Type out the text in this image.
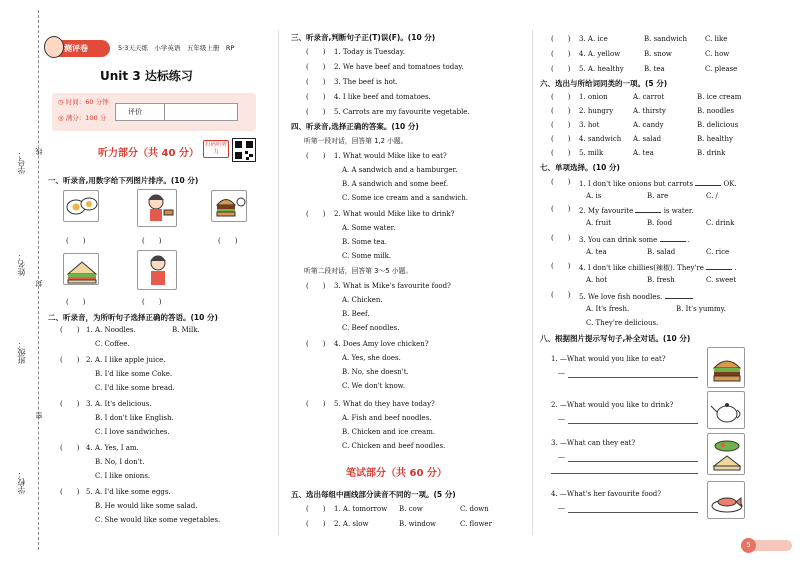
学号：
姓名：
班级：
学校：
线
封
密
测评卷	5·3天天练　小学英语　五年级上册　RP
Unit 3 达标练习
◷ 时间：60 分钟
◎ 满分：100 分
评价
听力部分（共 40 分）
扫码听听力
一、听录音,用数字给下列图片排序。(10 分)
(　　)	(　　)	(　　)
(　　)	(　　)
二、听录音，为所听句子选择正确的答语。(10 分)
(　　) 1. A. Noodles.	B. Milk.
C. Coffee.
(　　) 2. A. I like apple juice.
B. I'd like some Coke.
C. I'd like some bread.
(　　) 3. A. It's delicious.
B. I don't like English.
C. I love sandwiches.
(　　) 4. A. Yes, I am.
B. No, I don't.
C. I like onions.
(　　) 5. A. I'd like some eggs.
B. He would like some salad.
C. She would like some vegetables.
三、听录音,判断句子正(T)误(F)。(10 分)
(　　) 1. Today is Tuesday.
(　　) 2. We have beef and tomatoes today.
(　　) 3. The beef is hot.
(　　) 4. I like beef and tomatoes.
(　　) 5. Carrots are my favourite vegetable.
四、听录音,选择正确的答案。(10 分)
听第一段对话，回答第 1,2 小题。
听第二段对话，回答第 3～5 小题。
(　　) 1. What would Mike like to eat?
A. A sandwich and a hamburger.
B. A sandwich and some beef.
C. Some ice cream and a sandwich.
(　　) 2. What would Mike like to drink?
A. Some water.
B. Some tea.
C. Some milk.
(　　) 3. What is Mike's favourite food?
A. Chicken.
B. Beef.
C. Beef noodles.
(　　) 4. Does Amy love chicken?
A. Yes, she does.
B. No, she doesn't.
C. We don't know.
(　　) 5. What do they have today?
A. Fish and beef noodles.
B. Chicken and ice cream.
C. Chicken and beef noodles.
笔试部分（共 60 分）
五、选出每组中画线部分读音不同的一项。(5 分)
(　　) 1. A. tomorrow B. cow	C. down
(　　) 2. A. slow	B. window	C. flower
(　　) 3. A. ice	B. sandwich	C. like
(　　) 4. A. yellow	B. snow	C. how
(　　) 5. A. healthy	B. tea	C. please
六、选出与所给词同类的一项。(5 分)
(　　) 1. onion	A. carrot	B. ice cream
(　　) 2. hungry	A. thirsty	B. noodles
(　　) 3. hot	A. candy	B. delicious
(　　) 4. sandwich A. salad	B. healthy
(　　) 5. milk	A. tea	B. drink
七、单项选择。(10 分)
(　　) 1. I don't like onions but carrots	OK.
A. is	B. are	C. /
(　　) 2. My favourite	is water.
A. fruit	B. food	C. drink
(　　) 3. You can drink some	.
A. tea	B. salad	C. rice
(　　) 4. I don't like chillies(辣椒). They're	.
A. hot	B. fresh	C. sweet
(　　) 5. We love fish noodles.
A. It's fresh.	B. It's yummy.
C. They're delicious.
八、根据图片提示写句子,补全对话。(10 分)
1. —What would you like to eat?
—
2. —What would you like to drink?
—
3. —What can they eat?
—
4. —What's her favourite food?
—
5
